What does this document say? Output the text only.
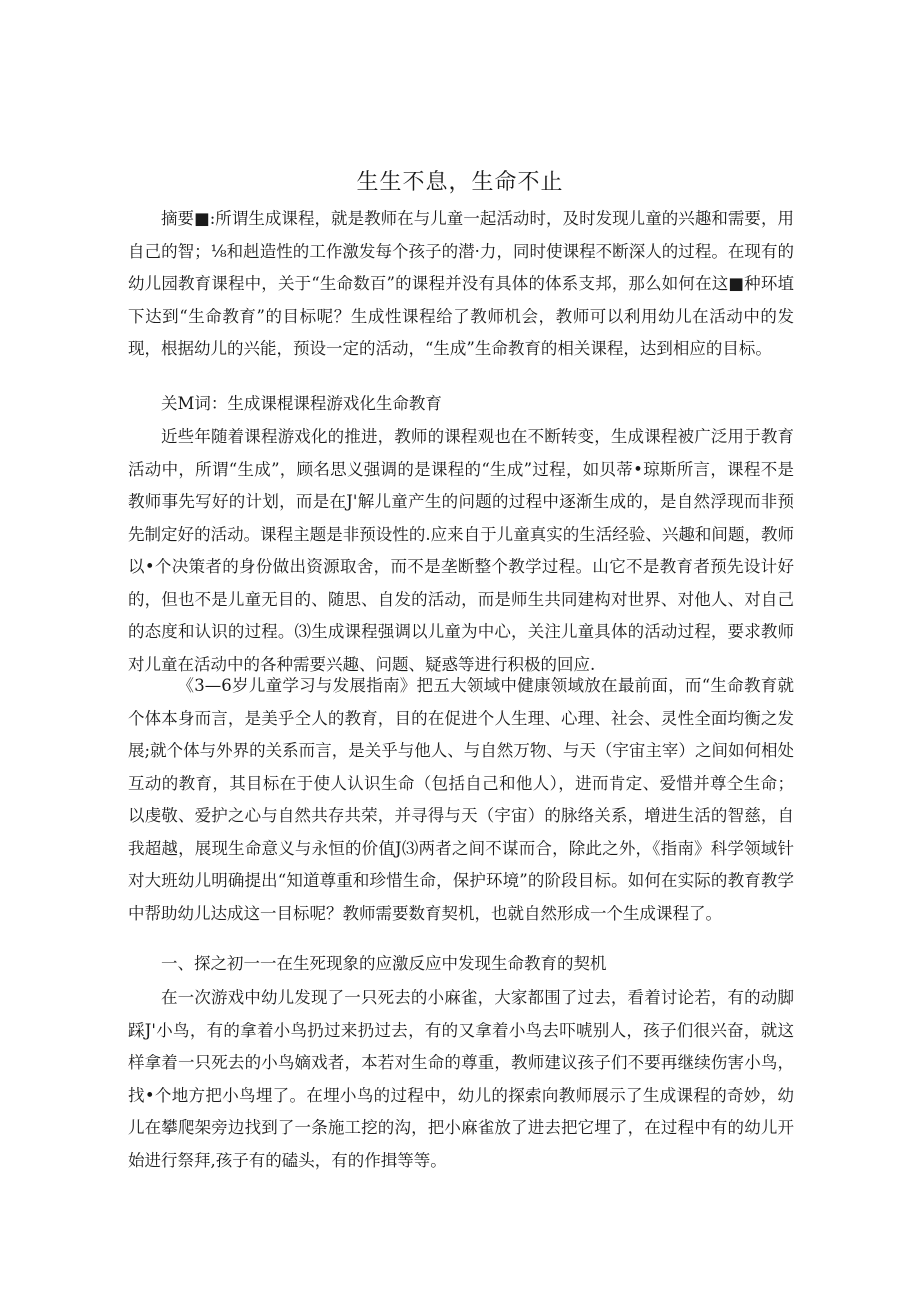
生生不息，生命不止

摘要■:所谓生成课程，就是教师在与儿童一起活动时，及时发现儿童的兴趣和需要，用自己的智；⅛和赳造性的工作激发每个孩子的潜·力，同时使课程不断深人的过程。在现有的幼儿园教育课程中，关于“生命数百”的课程并没有具体的体系支邦，那么如何在这■种环埴下达到“生命教育”的目标呢？生成性课程给了教师机会，教师可以利用幼儿在活动中的发现，根据幼儿的兴能，预设一定的活动，“生成”生命教育的相关课程，达到相应的目标。

关M词：生成课棍课程游戏化生命教育

近些年随着课程游戏化的推进，教师的课程观也在不断转变，生成课程被广泛用于教育活动中，所谓“生成”，顾名思义强调的是课程的“生成”过程，如贝蒂•琼斯所言，课程不是教师事先写好的计划，而是在J'解儿童产生的问题的过程中逐渐生成的，是自然浮现而非预先制定好的活动。课程主题是非预设性的.应来自于儿童真实的生活经验、兴趣和间题，教师以•个决策者的身份做出资源取舍，而不是垄断整个教学过程。山它不是教育者预先设计好的，但也不是儿童无目的、随思、自发的活动，而是师生共同建构对世界、对他人、对自己的态度和认识的过程。⑶生成课程强调以儿童为中心，关注儿童具体的活动过程，要求教师对儿童在活动中的各种需要兴趣、问题、疑惑等进行积极的回应.

《3—6岁儿童学习与发展指南》把五大领域中健康领域放在最前面，而“生命教育就个体本身而言，是美乎仝人的教育，目的在促进个人生理、心理、社会、灵性全面均衡之发展;就个体与外界的关系而言，是关乎与他人、与自然万物、与天（宇宙主宰）之间如何相处互动的教育，其目标在于使人认识生命（包括自己和他人），进而肯定、爱惜并尊仝生命；以虔敬、爱护之心与自然共存共荣，并寻得与天（宇宙）的脉络关系，增进生活的智慈，自我超越，展现生命意义与永恒的价值J⑶两者之间不谋而合，除此之外，《指南》科学领域针对大班幼儿明确提出“知道尊重和珍惜生命，保护环境”的阶段目标。如何在实际的教育教学中帮助幼儿达成这一目标呢？教师需要数育契机，也就自然形成一个生成课程了。

一、探之初一一在生死现象的应激反应中发现生命教育的契机

在一次游戏中幼儿发现了一只死去的小麻雀，大家都围了过去，看着讨论若，有的动脚踩J'小鸟，有的拿着小鸟扔过来扔过去，有的又拿着小鸟去吓唬别人，孩子们很兴奋，就这样拿着一只死去的小鸟嫡戏者，本若对生命的尊重，教师建议孩子们不要再继续伤害小鸟，找•个地方把小鸟埋了。在埋小鸟的过程中，幼儿的探索向教师展示了生成课程的奇妙，幼儿在攀爬架旁边找到了一条施工挖的沟，把小麻雀放了进去把它埋了，在过程中有的幼儿开始进行祭拜,孩子有的磕头，有的作揖等等。
